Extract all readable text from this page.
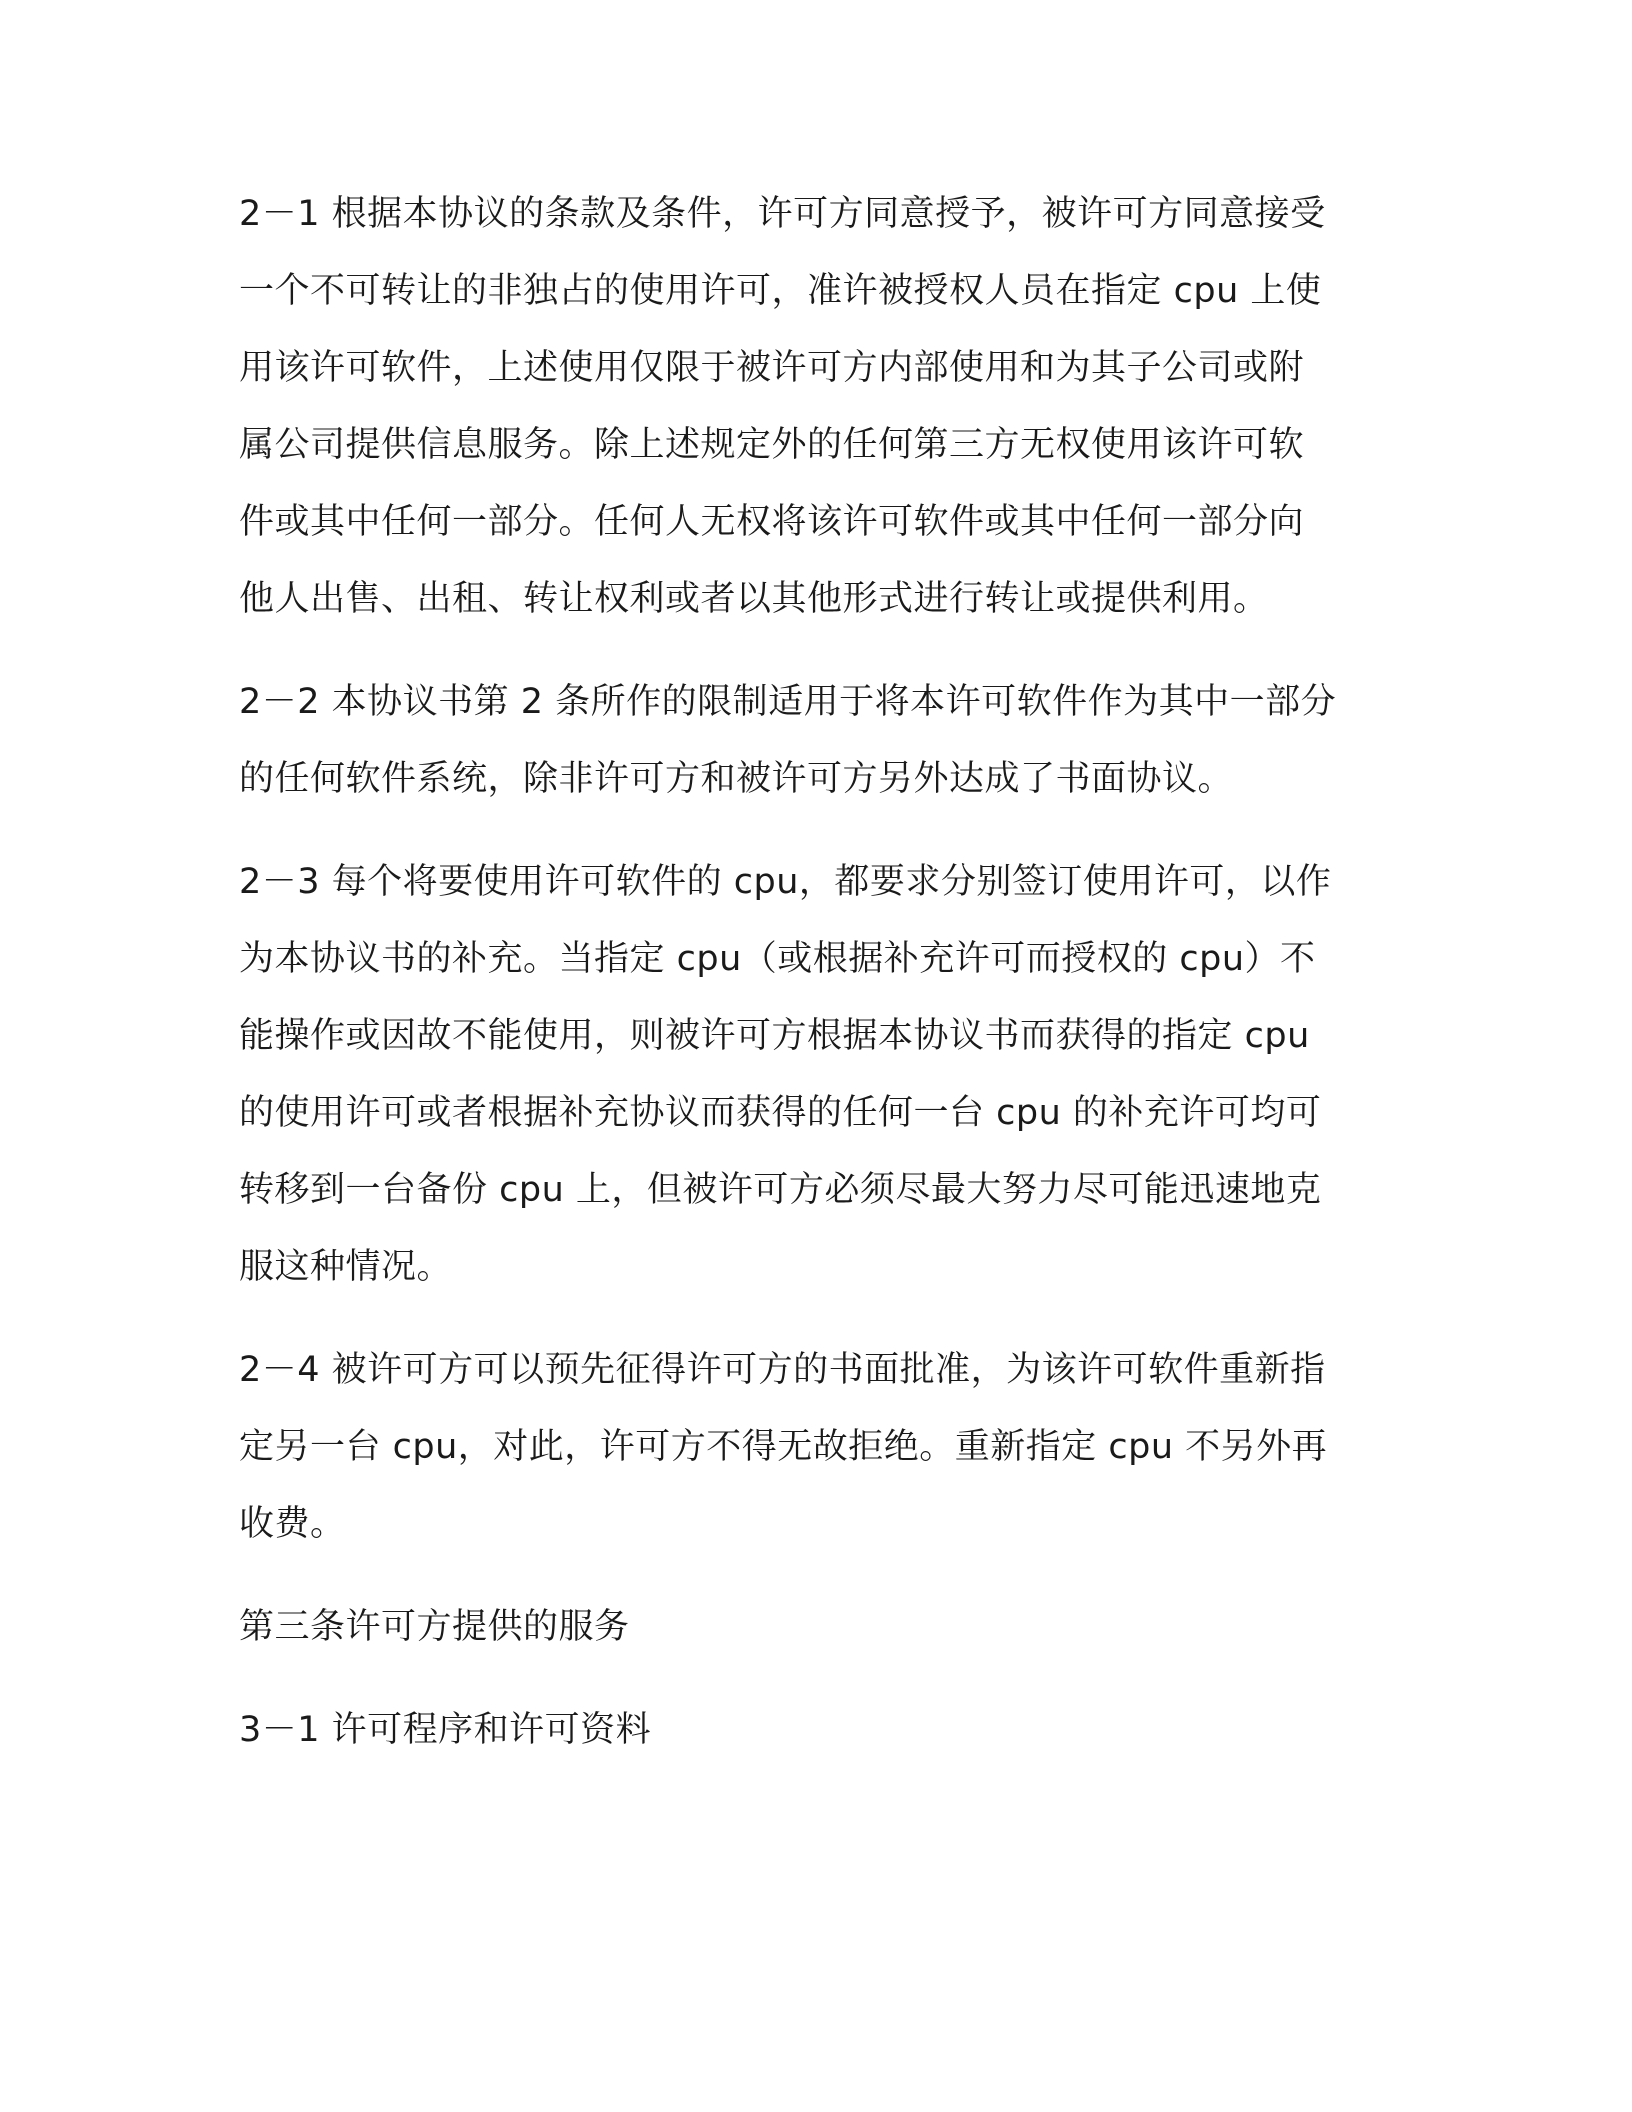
2－1 根据本协议的条款及条件，许可方同意授予，被许可方同意接受
一个不可转让的非独占的使用许可，准许被授权人员在指定 cpu 上使
用该许可软件，上述使用仅限于被许可方内部使用和为其子公司或附
属公司提供信息服务。除上述规定外的任何第三方无权使用该许可软
件或其中任何一部分。任何人无权将该许可软件或其中任何一部分向
他人出售、出租、转让权利或者以其他形式进行转让或提供利用。

2－2 本协议书第 2 条所作的限制适用于将本许可软件作为其中一部分
的任何软件系统，除非许可方和被许可方另外达成了书面协议。

2－3 每个将要使用许可软件的 cpu，都要求分别签订使用许可，以作
为本协议书的补充。当指定 cpu（或根据补充许可而授权的 cpu）不
能操作或因故不能使用，则被许可方根据本协议书而获得的指定 cpu
的使用许可或者根据补充协议而获得的任何一台 cpu 的补充许可均可
转移到一台备份 cpu 上，但被许可方必须尽最大努力尽可能迅速地克
服这种情况。

2－4 被许可方可以预先征得许可方的书面批准，为该许可软件重新指
定另一台 cpu，对此，许可方不得无故拒绝。重新指定 cpu 不另外再
收费。

第三条许可方提供的服务

3－1 许可程序和许可资料
